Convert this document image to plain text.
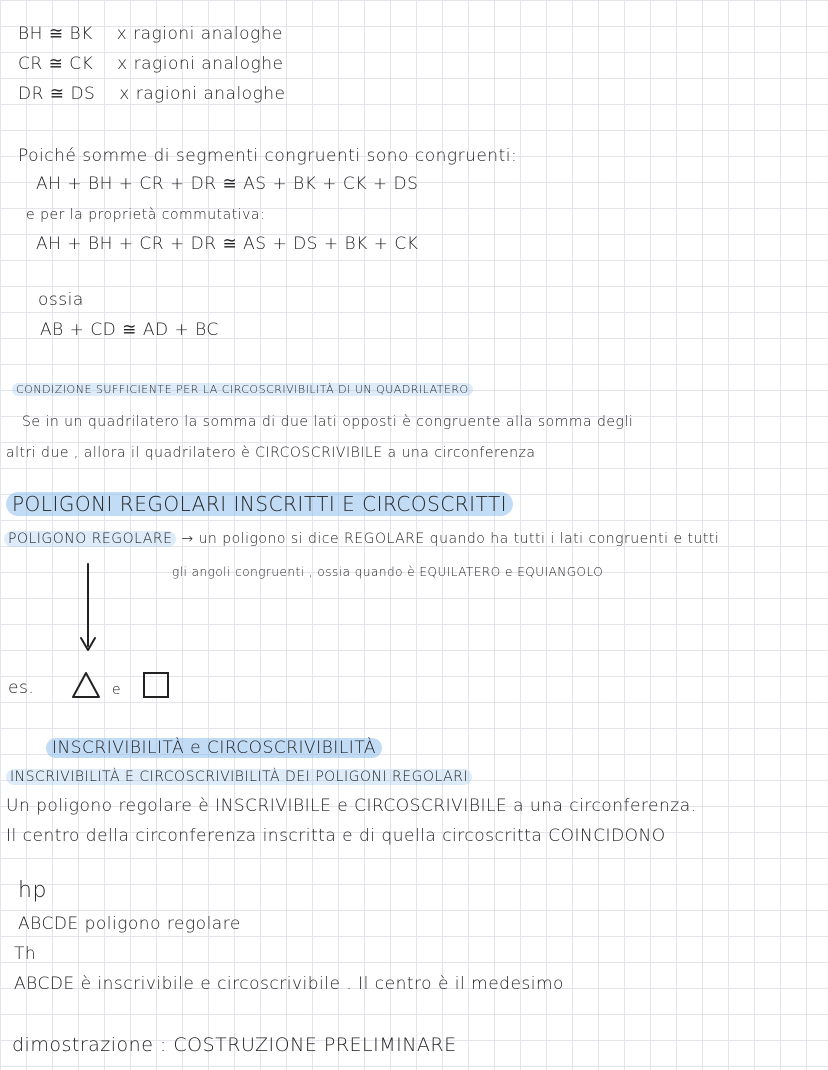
BH ≅ BK x ragioni analoghe
CR ≅ CK x ragioni analoghe
DR ≅ DS x ragioni analoghe
Poiché somme di segmenti congruenti sono congruenti:
AH + BH + CR + DR ≅ AS + BK + CK + DS
e per la proprietà commutativa:
AH + BH + CR + DR ≅ AS + DS + BK + CK
ossia
AB + CD ≅ AD + BC
CONDIZIONE SUFFICIENTE PER LA CIRCOSCRIVIBILITÀ DI UN QUADRILATERO
Se in un quadrilatero la somma di due lati opposti è congruente alla somma degli
altri due , allora il quadrilatero è CIRCOSCRIVIBILE a una circonferenza
POLIGONI REGOLARI INSCRITTI E CIRCOSCRITTI
POLIGONO REGOLARE → un poligono si dice REGOLARE quando ha tutti i lati congruenti e tutti
gli angoli congruenti , ossia quando è EQUILATERO e EQUIANGOLO
es.	e
INSCRIVIBILITÀ e CIRCOSCRIVIBILITÀ
INSCRIVIBILITÀ E CIRCOSCRIVIBILITÀ DEI POLIGONI REGOLARI
Un poligono regolare è INSCRIVIBILE e CIRCOSCRIVIBILE a una circonferenza.
Il centro della circonferenza inscritta e di quella circoscritta COINCIDONO
hp
ABCDE poligono regolare
Th
ABCDE è inscrivibile e circoscrivibile . Il centro è il medesimo
dimostrazione : COSTRUZIONE PRELIMINARE
